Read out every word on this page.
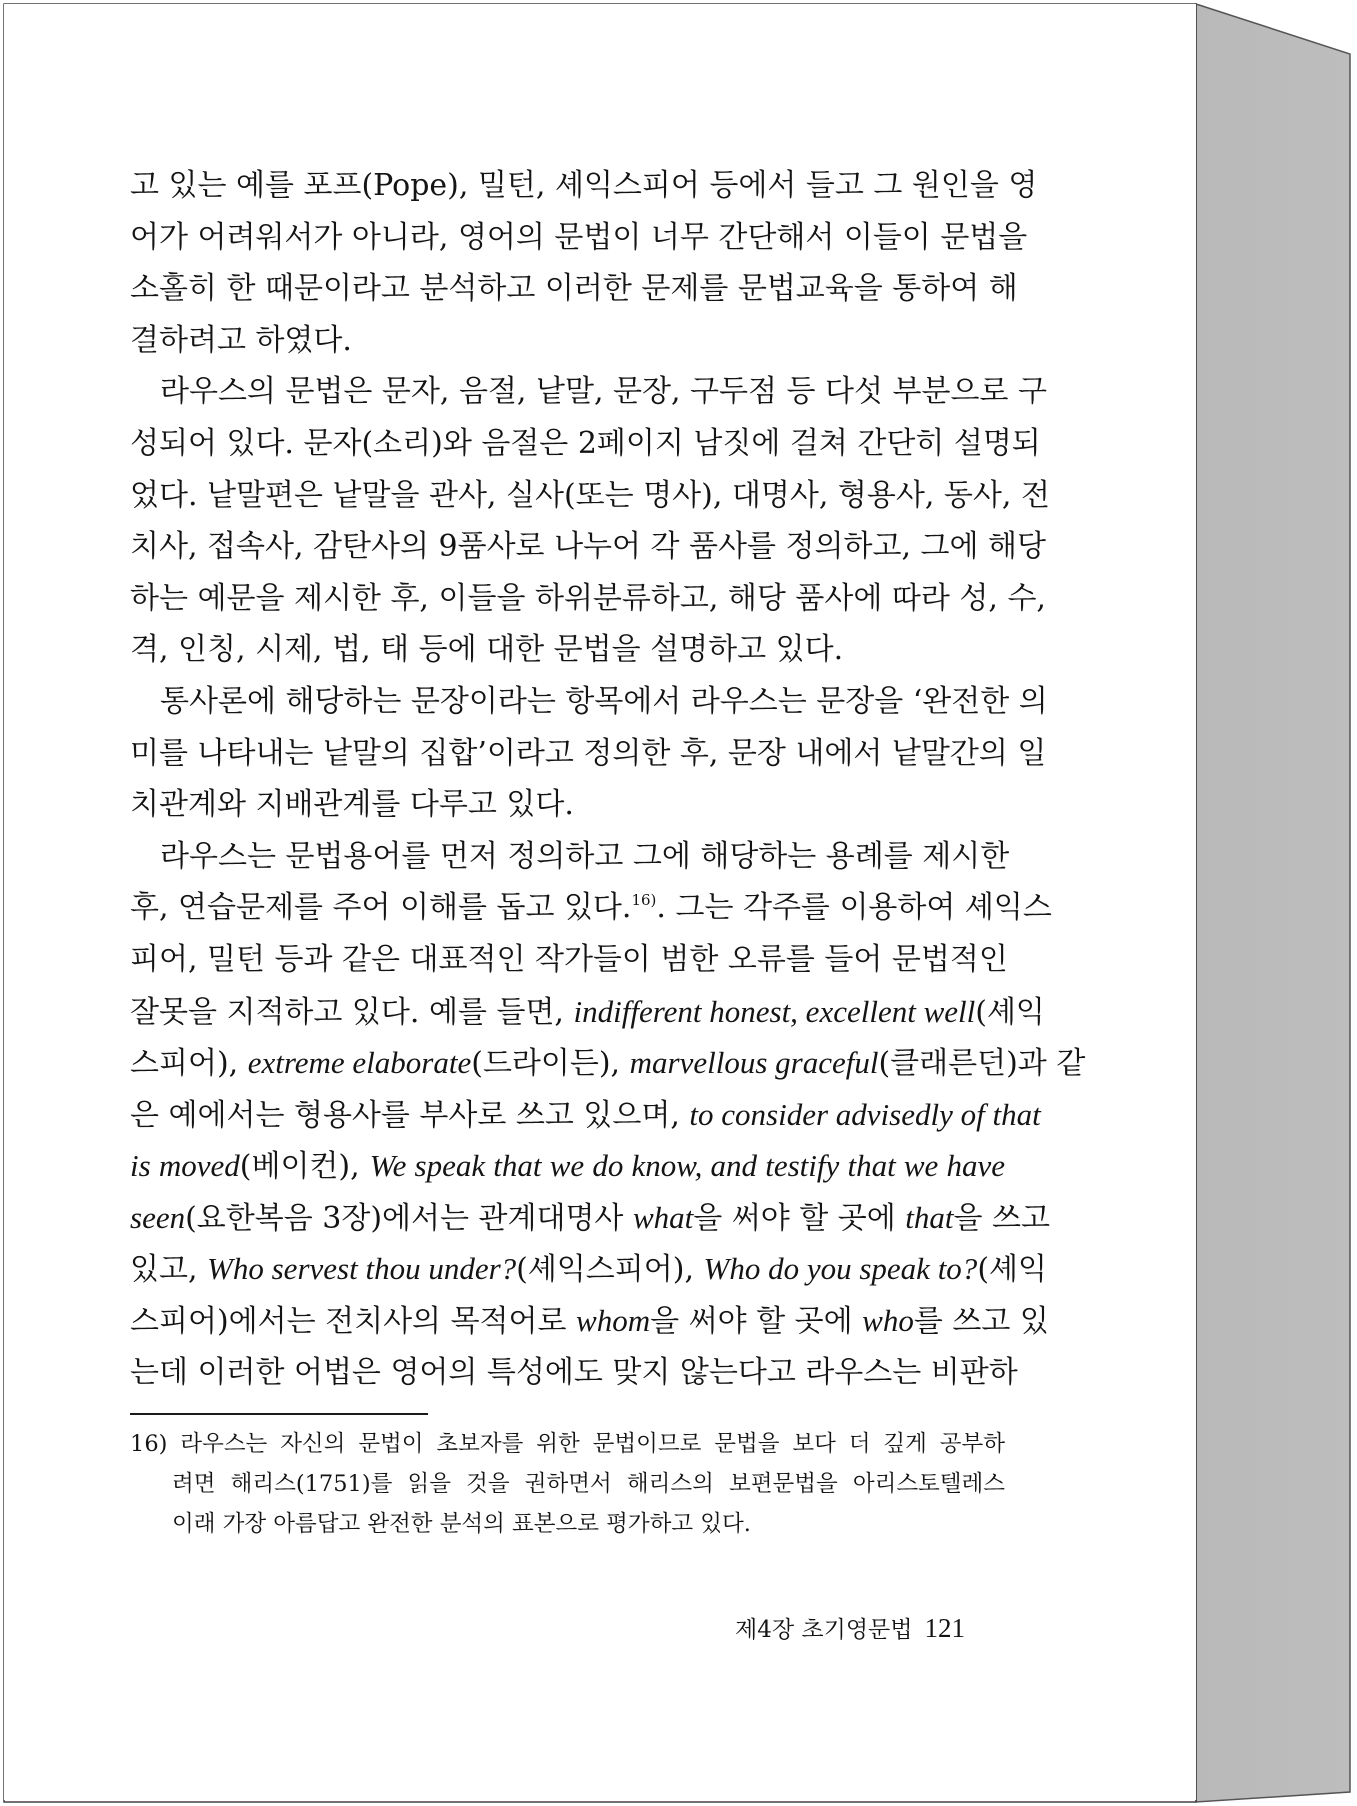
고 있는 예를 포프(Pope), 밀턴, 셰익스피어 등에서 들고 그 원인을 영
어가 어려워서가 아니라, 영어의 문법이 너무 간단해서 이들이 문법을
소홀히 한 때문이라고 분석하고 이러한 문제를 문법교육을 통하여 해
결하려고 하였다.
라우스의 문법은 문자, 음절, 낱말, 문장, 구두점 등 다섯 부분으로 구
성되어 있다. 문자(소리)와 음절은 2페이지 남짓에 걸쳐 간단히 설명되
었다. 낱말편은 낱말을 관사, 실사(또는 명사), 대명사, 형용사, 동사, 전
치사, 접속사, 감탄사의 9품사로 나누어 각 품사를 정의하고, 그에 해당
하는 예문을 제시한 후, 이들을 하위분류하고, 해당 품사에 따라 성, 수,
격, 인칭, 시제, 법, 태 등에 대한 문법을 설명하고 있다.
통사론에 해당하는 문장이라는 항목에서 라우스는 문장을 ‘완전한 의
미를 나타내는 낱말의 집합’이라고 정의한 후, 문장 내에서 낱말간의 일
치관계와 지배관계를 다루고 있다.
라우스는 문법용어를 먼저 정의하고 그에 해당하는 용례를 제시한
후, 연습문제를 주어 이해를 돕고 있다.$^{16)}$. 그는 각주를 이용하여 셰익스
피어, 밀턴 등과 같은 대표적인 작가들이 범한 오류를 들어 문법적인
잘못을 지적하고 있다. 예를 들면, indifferent honest, excellent well(셰익
스피어), extreme elaborate(드라이든), marvellous graceful(클래른던)과 같
은 예에서는 형용사를 부사로 쓰고 있으며, to consider advisedly of that
is moved(베이컨), We speak that we do know, and testify that we have
seen(요한복음 3장)에서는 관계대명사 what을 써야 할 곳에 that을 쓰고
있고, Who servest thou under?(셰익스피어), Who do you speak to?(셰익
스피어)에서는 전치사의 목적어로 whom을 써야 할 곳에 who를 쓰고 있
는데 이러한 어법은 영어의 특성에도 맞지 않는다고 라우스는 비판하
16) 라우스는 자신의 문법이 초보자를 위한 문법이므로 문법을 보다 더 깊게 공부하
려면 해리스(1751)를 읽을 것을 권하면서 해리스의 보편문법을 아리스토텔레스
이래 가장 아름답고 완전한 분석의 표본으로 평가하고 있다.
제4장 초기영문법 121
